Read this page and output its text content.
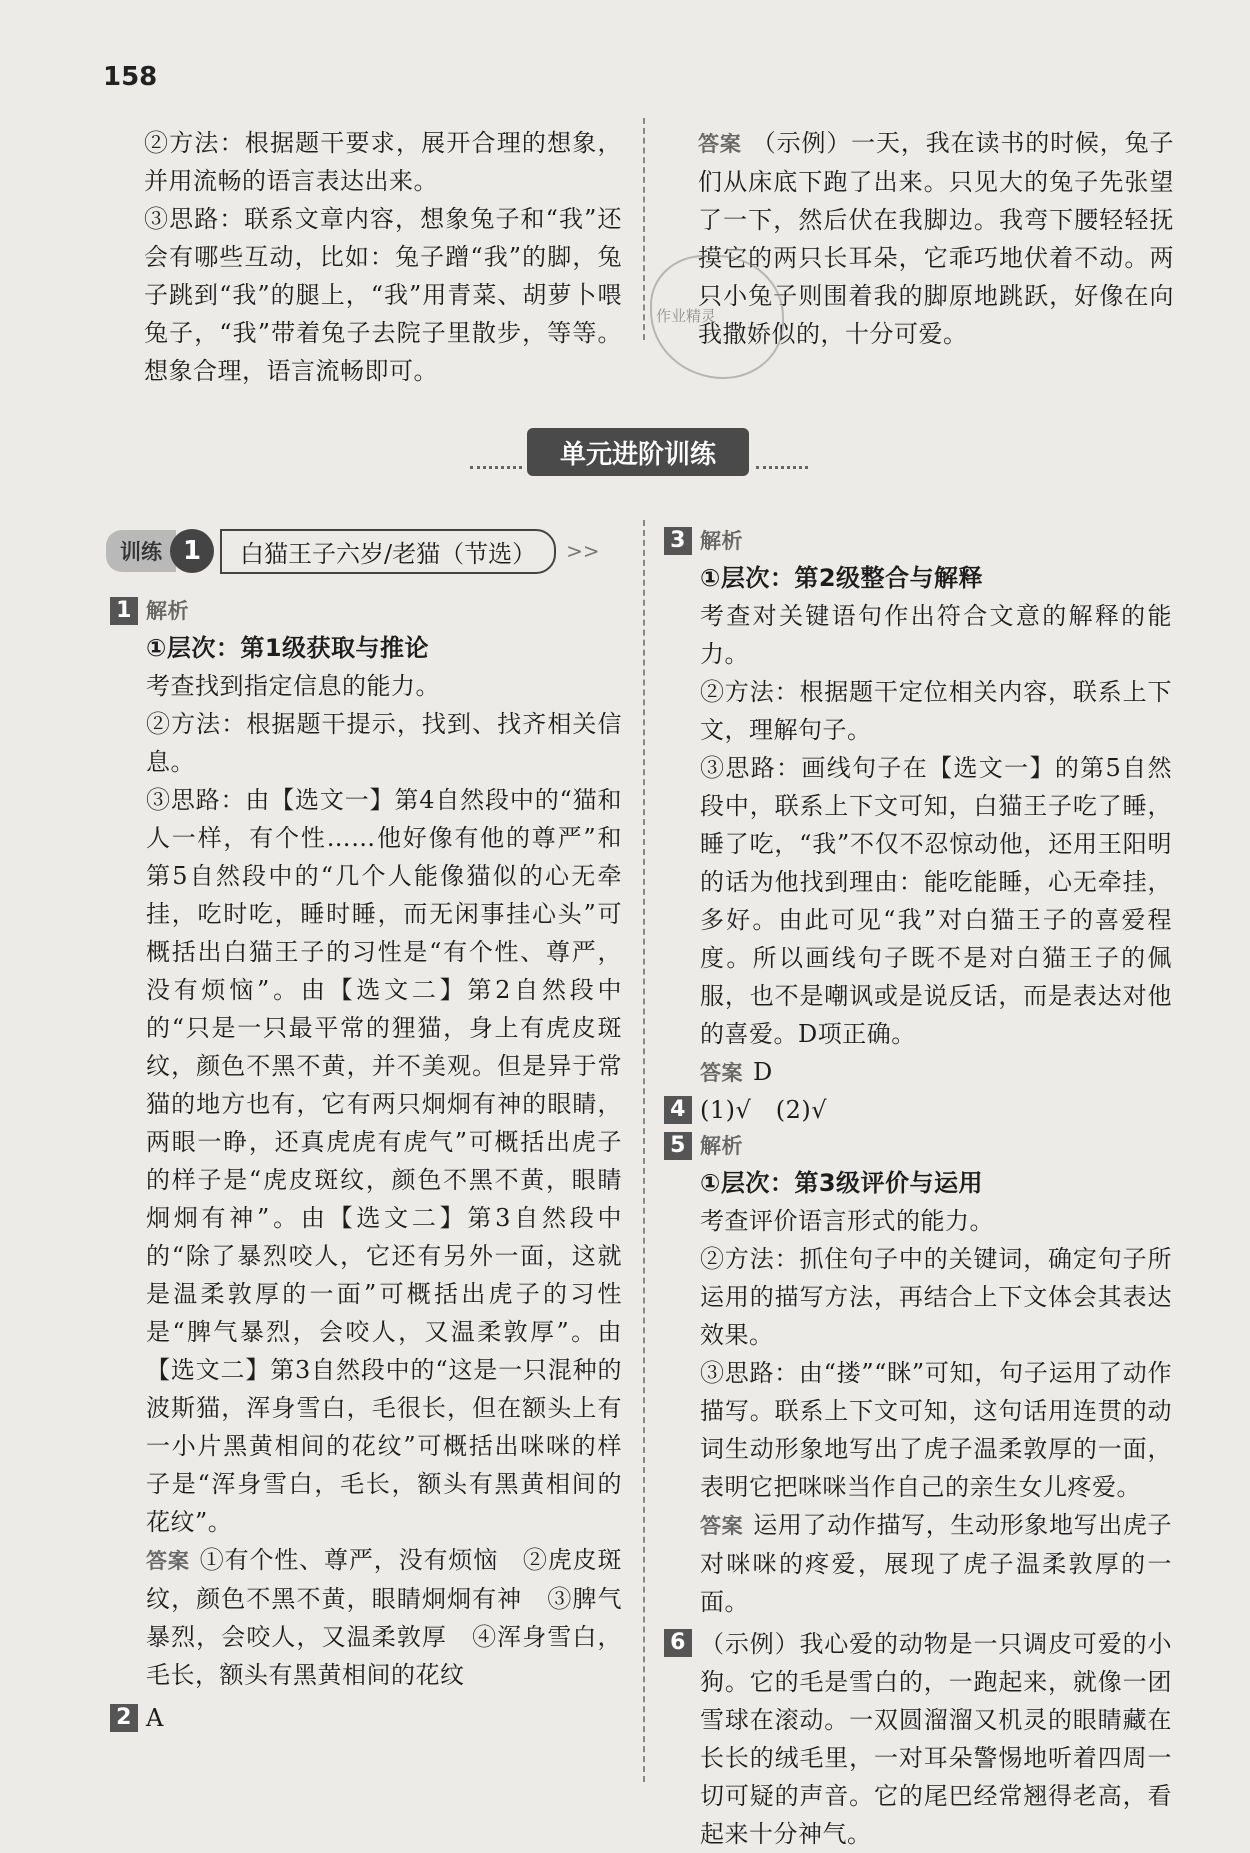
158

②方法：根据题干要求，展开合理的想象，并用流畅的语言表达出来。

③思路：联系文章内容，想象兔子和“我”还会有哪些互动，比如：兔子蹭“我”的脚，兔子跳到“我”的腿上，“我”用青菜、胡萝卜喂兔子，“我”带着兔子去院子里散步，等等。想象合理，语言流畅即可。

答案 （示例）一天，我在读书的时候，兔子们从床底下跑了出来。只见大的兔子先张望了一下，然后伏在我脚边。我弯下腰轻轻抚摸它的两只长耳朵，它乖巧地伏着不动。两只小兔子则围着我的脚原地跳跃，好像在向我撒娇似的，十分可爱。

作业精灵
单元进阶训练
训练 1	白猫王子六岁/老猫（节选）	>>
1 解析

①层次：第1级获取与推论

考查找到指定信息的能力。

②方法：根据题干提示，找到、找齐相关信息。

③思路：由【选文一】第4自然段中的“猫和人一样，有个性……他好像有他的尊严”和第5自然段中的“几个人能像猫似的心无牵挂，吃时吃，睡时睡，而无闲事挂心头”可概括出白猫王子的习性是“有个性、尊严，没有烦恼”。由【选文二】第2自然段中的“只是一只最平常的狸猫，身上有虎皮斑纹，颜色不黑不黄，并不美观。但是异于常猫的地方也有，它有两只炯炯有神的眼睛，两眼一睁，还真虎虎有虎气”可概括出虎子的样子是“虎皮斑纹，颜色不黑不黄，眼睛炯炯有神”。由【选文二】第3自然段中的“除了暴烈咬人，它还有另外一面，这就是温柔敦厚的一面”可概括出虎子的习性是“脾气暴烈，会咬人，又温柔敦厚”。由【选文二】第3自然段中的“这是一只混种的波斯猫，浑身雪白，毛很长，但在额头上有一小片黑黄相间的花纹”可概括出咪咪的样子是“浑身雪白，毛长，额头有黑黄相间的花纹”。

答案 ①有个性、尊严，没有烦恼　②虎皮斑纹，颜色不黑不黄，眼睛炯炯有神　③脾气暴烈，会咬人，又温柔敦厚　④浑身雪白，毛长，额头有黑黄相间的花纹

2 A
3 解析

①层次：第2级整合与解释

考查对关键语句作出符合文意的解释的能力。

②方法：根据题干定位相关内容，联系上下文，理解句子。

③思路：画线句子在【选文一】的第5自然段中，联系上下文可知，白猫王子吃了睡，睡了吃，“我”不仅不忍惊动他，还用王阳明的话为他找到理由：能吃能睡，心无牵挂，多好。由此可见“我”对白猫王子的喜爱程度。所以画线句子既不是对白猫王子的佩服，也不是嘲讽或是说反话，而是表达对他的喜爱。D项正确。

答案 D

4 (1)√　(2)√
5 解析

①层次：第3级评价与运用

考查评价语言形式的能力。

②方法：抓住句子中的关键词，确定句子所运用的描写方法，再结合上下文体会其表达效果。

③思路：由“搂”“眯”可知，句子运用了动作描写。联系上下文可知，这句话用连贯的动词生动形象地写出了虎子温柔敦厚的一面，表明它把咪咪当作自己的亲生女儿疼爱。

答案 运用了动作描写，生动形象地写出虎子对咪咪的疼爱，展现了虎子温柔敦厚的一面。

6 （示例）我心爱的动物是一只调皮可爱的小狗。它的毛是雪白的，一跑起来，就像一团雪球在滚动。一双圆溜溜又机灵的眼睛藏在长长的绒毛里，一对耳朵警惕地听着四周一切可疑的声音。它的尾巴经常翘得老高，看起来十分神气。
